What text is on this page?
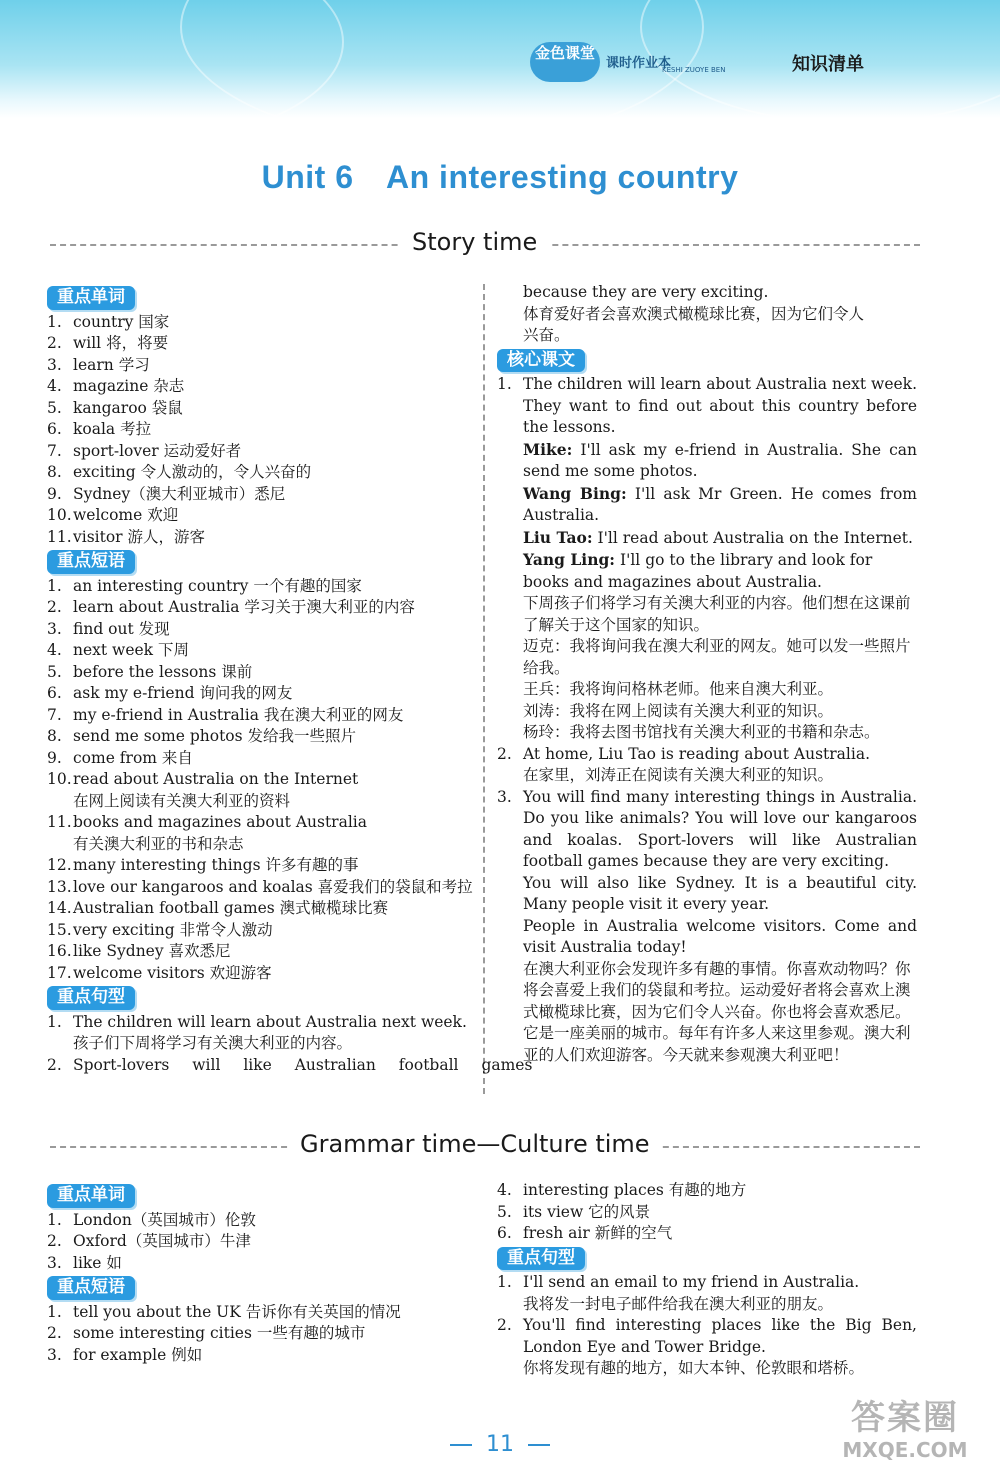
金色课堂
课时作业本
KESHI ZUOYE BEN	知识清单
Unit 6　An interesting country
Story time
重点单词
1. country 国家
2. will 将，将要
3. learn 学习
4. magazine 杂志
5. kangaroo 袋鼠
6. koala 考拉
7. sport-lover 运动爱好者
8. exciting 令人激动的，令人兴奋的
9. Sydney（澳大利亚城市）悉尼
10. welcome 欢迎
11. visitor 游人，游客
重点短语
1. an interesting country 一个有趣的国家
2. learn about Australia 学习关于澳大利亚的内容
3. find out 发现
4. next week 下周
5. before the lessons 课前
6. ask my e-friend 询问我的网友
7. my e-friend in Australia 我在澳大利亚的网友
8. send me some photos 发给我一些照片
9. come from 来自
10. read about Australia on the Internet
在网上阅读有关澳大利亚的资料
11. books and magazines about Australia
有关澳大利亚的书和杂志
12. many interesting things 许多有趣的事
13. love our kangaroos and koalas 喜爱我们的袋鼠和考拉
14. Australian football games 澳式橄榄球比赛
15. very exciting 非常令人激动
16. like Sydney 喜欢悉尼
17. welcome visitors 欢迎游客
重点句型
1. The children will learn about Australia next week.
孩子们下周将学习有关澳大利亚的内容。
2. Sport-lovers will like Australian football games
because they are very exciting.
体育爱好者会喜欢澳式橄榄球比赛，因为它们令人
兴奋。
核心课文
1. The children will learn about Australia next week. They want to find out about this country before the lessons.
Mike: I'll ask my e-friend in Australia. She can send me some photos.
Wang Bing: I'll ask Mr Green. He comes from Australia.
Liu Tao: I'll read about Australia on the Internet.
Yang Ling: I'll go to the library and look for books and magazines about Australia.
下周孩子们将学习有关澳大利亚的内容。他们想在这课前了解关于这个国家的知识。
迈克：我将询问我在澳大利亚的网友。她可以发一些照片给我。
王兵：我将询问格林老师。他来自澳大利亚。
刘涛：我将在网上阅读有关澳大利亚的知识。
杨玲：我将去图书馆找有关澳大利亚的书籍和杂志。
2. At home, Liu Tao is reading about Australia.
在家里，刘涛正在阅读有关澳大利亚的知识。
3. You will find many interesting things in Australia. Do you like animals? You will love our kangaroos and koalas. Sport-lovers will like Australian football games because they are very exciting.
You will also like Sydney. It is a beautiful city. Many people visit it every year.
People in Australia welcome visitors. Come and visit Australia today!
在澳大利亚你会发现许多有趣的事情。你喜欢动物吗？你将会喜爱上我们的袋鼠和考拉。运动爱好者将会喜欢上澳式橄榄球比赛，因为它们令人兴奋。你也将会喜欢悉尼。它是一座美丽的城市。每年有许多人来这里参观。澳大利亚的人们欢迎游客。今天就来参观澳大利亚吧！
Grammar time—Culture time
重点单词
1. London（英国城市）伦敦
2. Oxford（英国城市）牛津
3. like 如
重点短语
1. tell you about the UK 告诉你有关英国的情况
2. some interesting cities 一些有趣的城市
3. for example 例如
4. interesting places 有趣的地方
5. its view 它的风景
6. fresh air 新鲜的空气
重点句型
1. I'll send an email to my friend in Australia.
我将发一封电子邮件给我在澳大利亚的朋友。
2. You'll find interesting places like the Big Ben, London Eye and Tower Bridge.
你将发现有趣的地方，如大本钟、伦敦眼和塔桥。
11
答案圈
MXQE.COM
